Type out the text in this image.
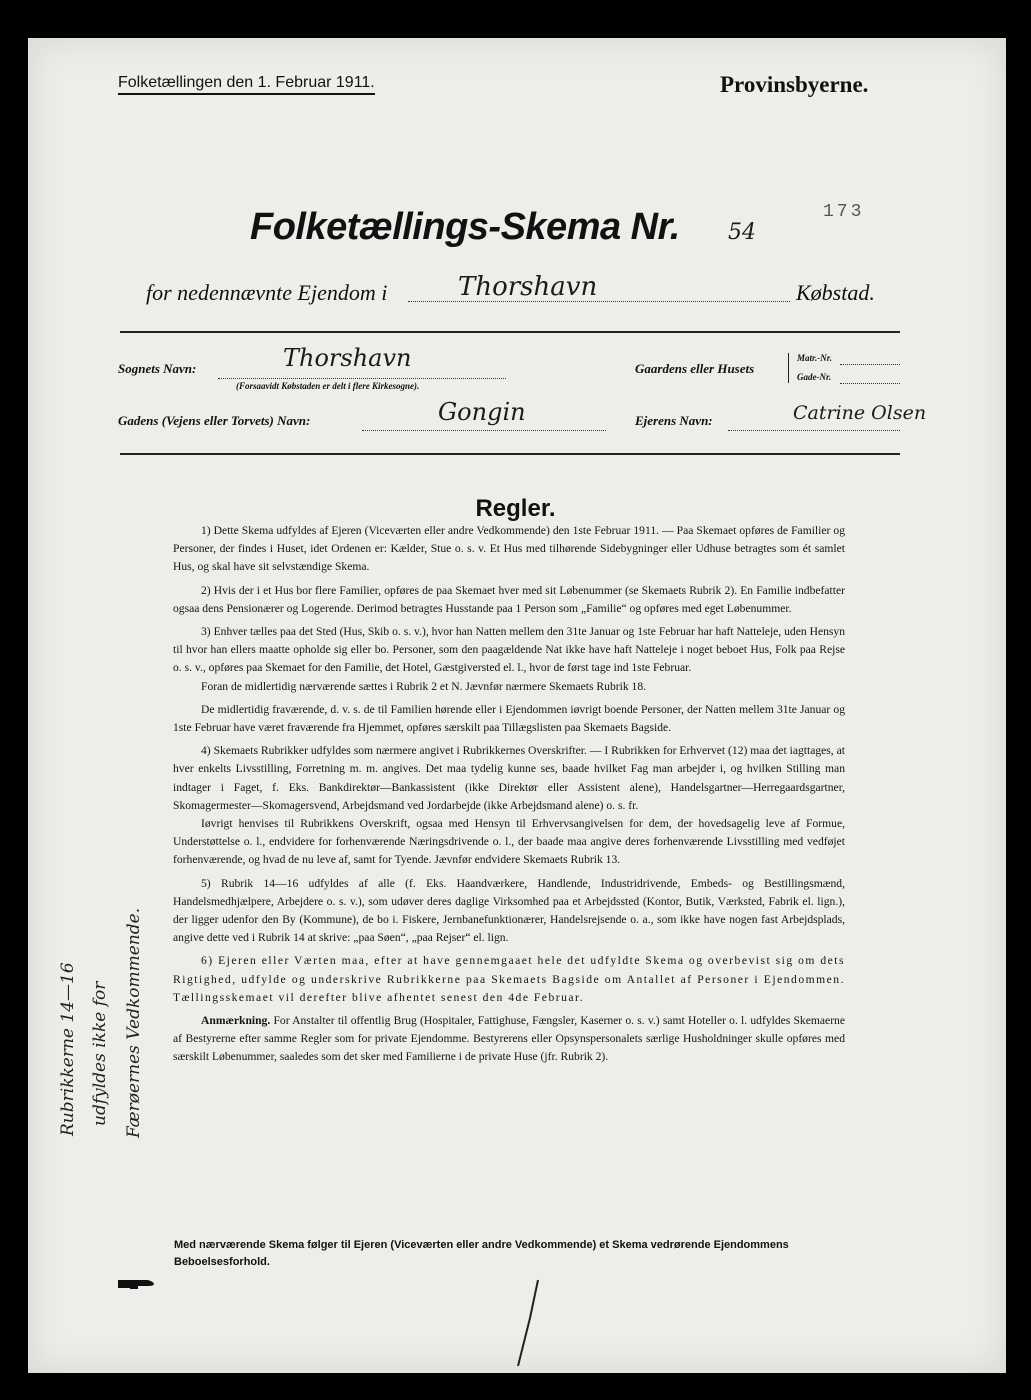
Folketællingen den 1. Februar 1911.	Provinsbyerne.
173
Folketællings-Skema Nr. 54
for nedennævnte Ejendom i	Thorshavn	Købstad.
Sognets Navn:	Thorshavn
(Forsaavidt Købstaden er delt i flere Kirkesogne).
Gaardens eller Husets
Matr.-Nr.
Gade-Nr.
Gadens (Vejens eller Torvets) Navn:	Gongin	Ejerens Navn:	Catrine Olsen
Regler.

1) Dette Skema udfyldes af Ejeren (Viceværten eller andre Vedkommende) den 1ste Februar 1911. — Paa Skemaet opføres de Familier og Personer, der findes i Huset, idet Ordenen er: Kælder, Stue o. s. v. Et Hus med tilhørende Sidebygninger eller Udhuse betragtes som ét samlet Hus, og skal have sit selvstændige Skema.

2) Hvis der i et Hus bor flere Familier, opføres de paa Skemaet hver med sit Løbenummer (se Skemaets Rubrik 2). En Familie indbefatter ogsaa dens Pensionærer og Logerende. Derimod betragtes Husstande paa 1 Person som „Familie“ og opføres med eget Løbenummer.

3) Enhver tælles paa det Sted (Hus, Skib o. s. v.), hvor han Natten mellem den 31te Januar og 1ste Februar har haft Natteleje, uden Hensyn til hvor han ellers maatte opholde sig eller bo. Personer, som den paagældende Nat ikke have haft Natteleje i noget beboet Hus, Folk paa Rejse o. s. v., opføres paa Skemaet for den Familie, det Hotel, Gæstgiversted el. l., hvor de først tage ind 1ste Februar.

Foran de midlertidig nærværende sættes i Rubrik 2 et N. Jævnfør nærmere Skemaets Rubrik 18.

De midlertidig fraværende, d. v. s. de til Familien hørende eller i Ejendommen iøvrigt boende Personer, der Natten mellem 31te Januar og 1ste Februar have været fraværende fra Hjemmet, opføres særskilt paa Tillægslisten paa Skemaets Bagside.

4) Skemaets Rubrikker udfyldes som nærmere angivet i Rubrikkernes Overskrifter. — I Rubrikken for Erhvervet (12) maa det iagttages, at hver enkelts Livsstilling, Forretning m. m. angives. Det maa tydelig kunne ses, baade hvilket Fag man arbejder i, og hvilken Stilling man indtager i Faget, f. Eks. Bankdirektør—Bankassistent (ikke Direktør eller Assistent alene), Handelsgartner—Herregaardsgartner, Skomagermester—Skomagersvend, Arbejdsmand ved Jordarbejde (ikke Arbejdsmand alene) o. s. fr.

Iøvrigt henvises til Rubrikkens Overskrift, ogsaa med Hensyn til Erhvervsangivelsen for dem, der hovedsagelig leve af Formue, Understøttelse o. l., endvidere for forhenværende Næringsdrivende o. l., der baade maa angive deres forhenværende Livsstilling med vedføjet forhenværende, og hvad de nu leve af, samt for Tyende. Jævnfør endvidere Skemaets Rubrik 13.

5) Rubrik 14—16 udfyldes af alle (f. Eks. Haandværkere, Handlende, Industridrivende, Embeds- og Bestillingsmænd, Handelsmedhjælpere, Arbejdere o. s. v.), som udøver deres daglige Virksomhed paa et Arbejdssted (Kontor, Butik, Værksted, Fabrik el. lign.), der ligger udenfor den By (Kommune), de bo i. Fiskere, Jernbanefunktionærer, Handelsrejsende o. a., som ikke have nogen fast Arbejdsplads, angive dette ved i Rubrik 14 at skrive: „paa Søen“, „paa Rejser“ el. lign.

6) Ejeren eller Værten maa, efter at have gennemgaaet hele det udfyldte Skema og overbevist sig om dets Rigtighed, udfylde og underskrive Rubrikkerne paa Skemaets Bagside om Antallet af Personer i Ejendommen. Tællingsskemaet vil derefter blive afhentet senest den 4de Februar.

Anmærkning. For Anstalter til offentlig Brug (Hospitaler, Fattighuse, Fængsler, Kaserner o. s. v.) samt Hoteller o. l. udfyldes Skemaerne af Bestyrerne efter samme Regler som for private Ejendomme. Bestyrerens eller Opsynspersonalets særlige Husholdninger skulle opføres med særskilt Løbenummer, saaledes som det sker med Familierne i de private Huse (jfr. Rubrik 2).

Rubrikkerne 14—16 udfyldes ikke for Færøernes Vedkommende.
Med nærværende Skema følger til Ejeren (Viceværten eller andre Vedkommende) et Skema vedrørende Ejendommens Beboelsesforhold.
